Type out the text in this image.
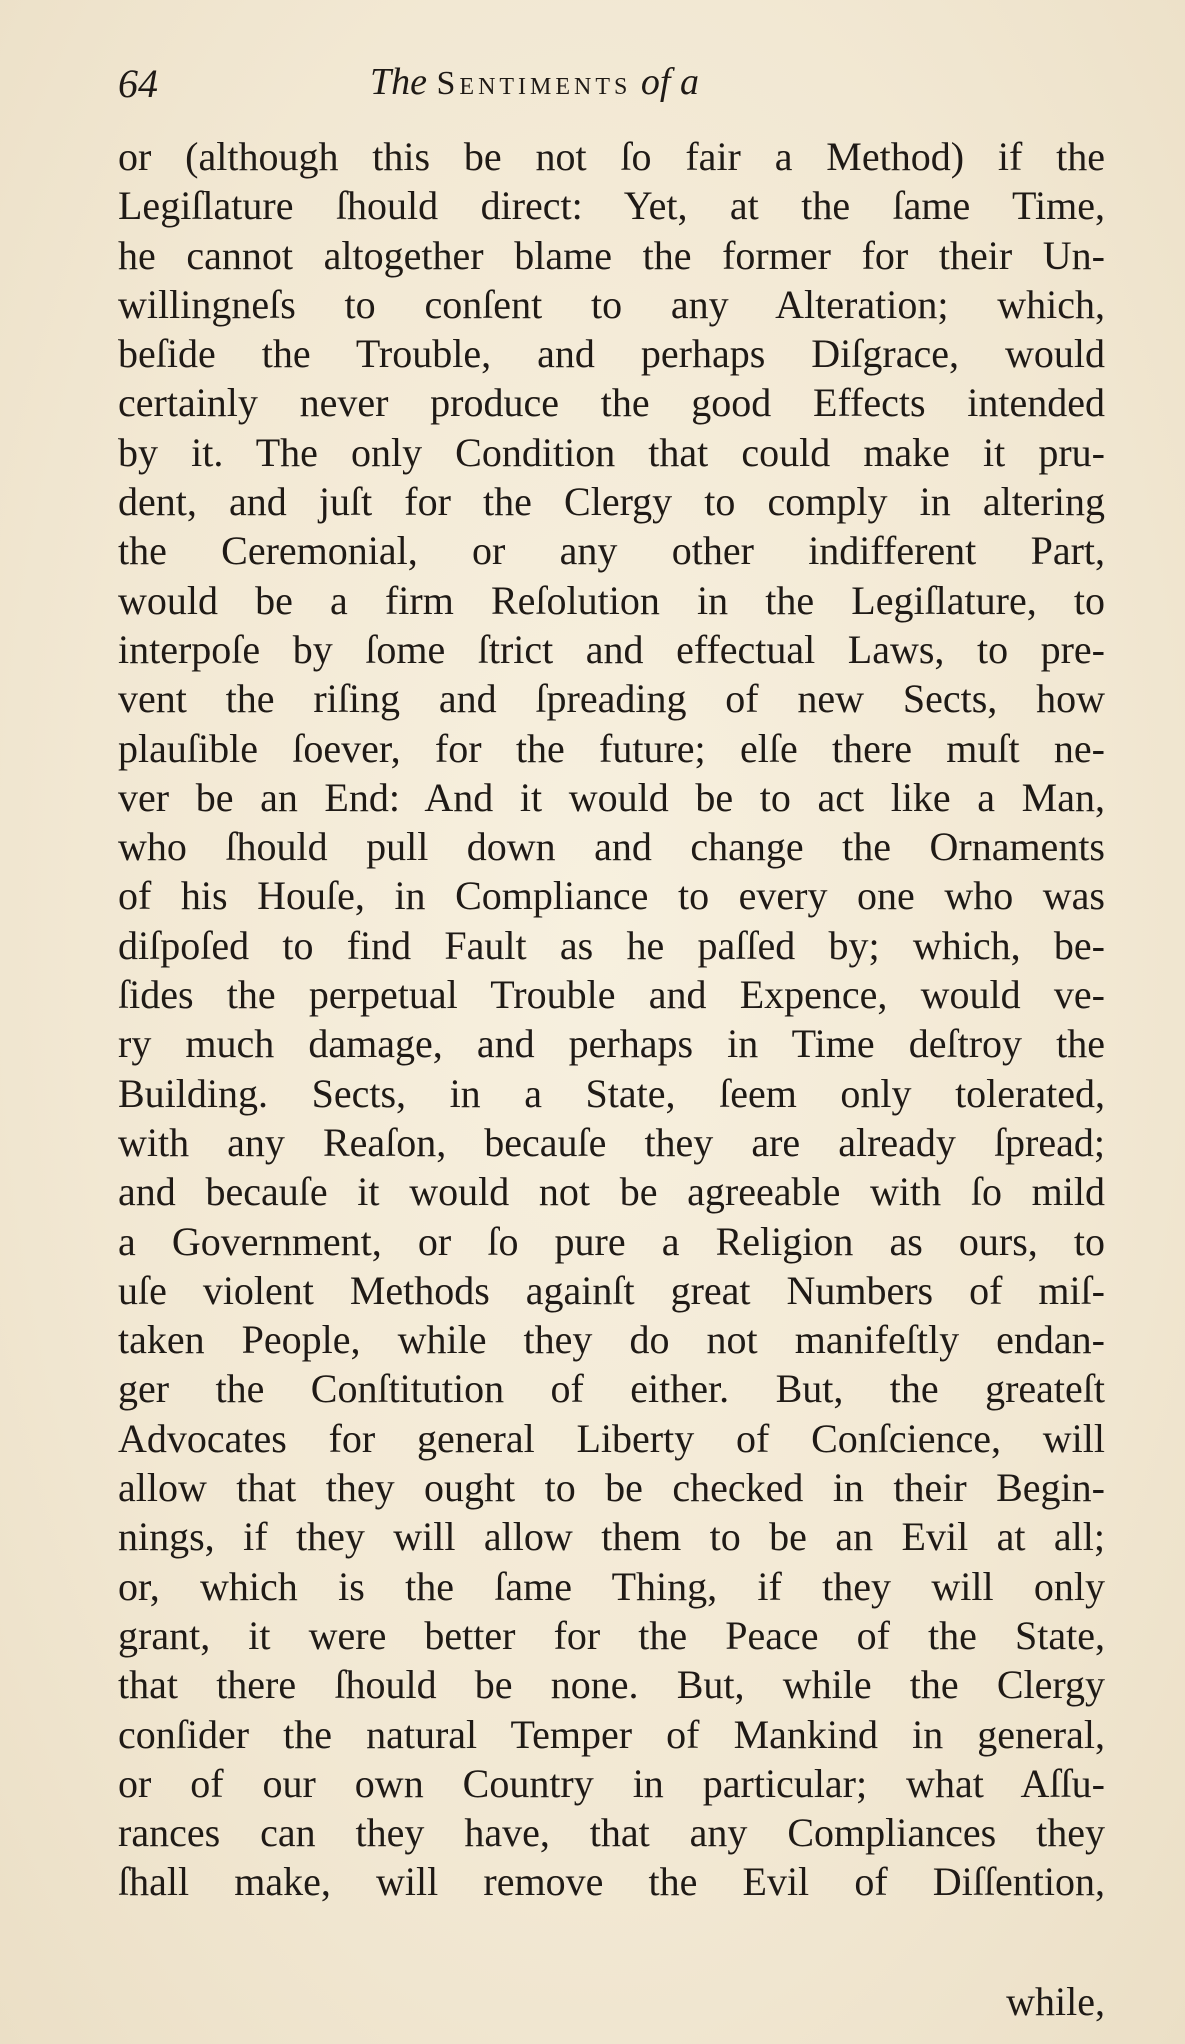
64	The Sentiments of a
or (although this be not ſo fair a Method) if the
Legiſlature ſhould direct: Yet, at the ſame Time,
he cannot altogether blame the former for their Un-
willingneſs to conſent to any Alteration; which,
beſide the Trouble, and perhaps Diſgrace, would
certainly never produce the good Effects intended
by it. The only Condition that could make it pru-
dent, and juſt for the Clergy to comply in altering
the Ceremonial, or any other indifferent Part,
would be a firm Reſolution in the Legiſlature, to
interpoſe by ſome ſtrict and effectual Laws, to pre-
vent the riſing and ſpreading of new Sects, how
plauſible ſoever, for the future; elſe there muſt ne-
ver be an End: And it would be to act like a Man,
who ſhould pull down and change the Ornaments
of his Houſe, in Compliance to every one who was
diſpoſed to find Fault as he paſſed by; which, be-
ſides the perpetual Trouble and Expence, would ve-
ry much damage, and perhaps in Time deſtroy the
Building. Sects, in a State, ſeem only tolerated,
with any Reaſon, becauſe they are already ſpread;
and becauſe it would not be agreeable with ſo mild
a Government, or ſo pure a Religion as ours, to
uſe violent Methods againſt great Numbers of miſ-
taken People, while they do not manifeſtly endan-
ger the Conſtitution of either. But, the greateſt
Advocates for general Liberty of Conſcience, will
allow that they ought to be checked in their Begin-
nings, if they will allow them to be an Evil at all;
or, which is the ſame Thing, if they will only
grant, it were better for the Peace of the State,
that there ſhould be none. But, while the Clergy
conſider the natural Temper of Mankind in general,
or of our own Country in particular; what Aſſu-
rances can they have, that any Compliances they
ſhall make, will remove the Evil of Diſſention,
while,
